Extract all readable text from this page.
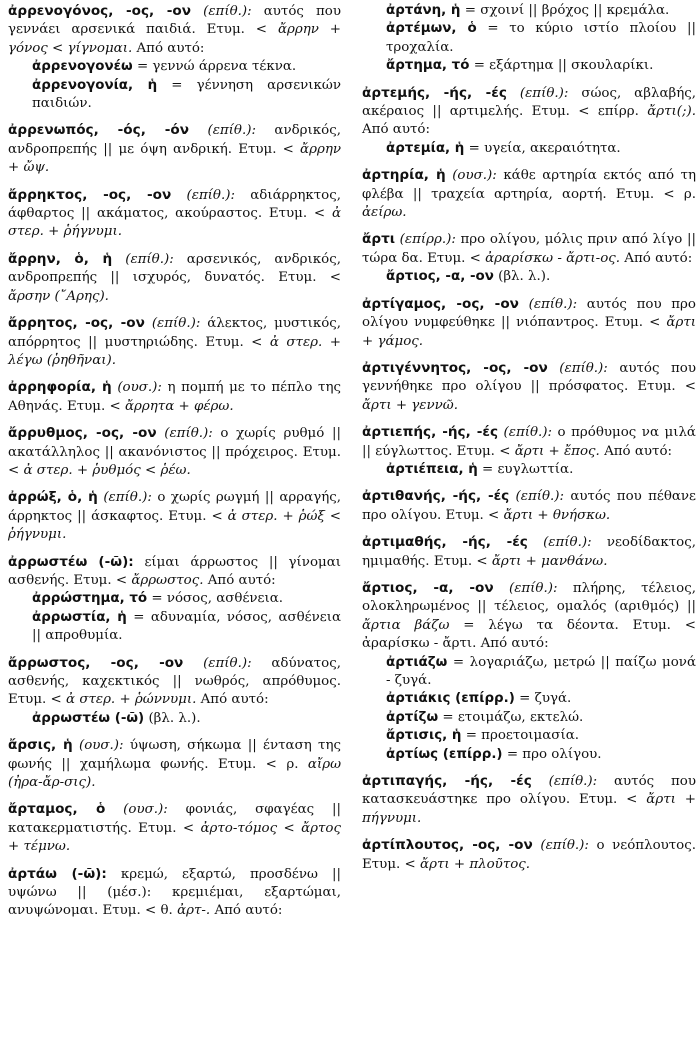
ἀρρενογόνος, -ος, -ον (επίθ.): αυτός που γεννάει αρσενικά παιδιά. Ετυμ. < ἄρρην + γόνος < γίγνομαι. Από αυτό:
ἀρρενογονέω = γεννώ άρρενα τέκνα.
ἀρρενογονία, ἡ = γέννηση αρσενικών παιδιών.
ἀρρενωπός, -ός, -όν (επίθ.): ανδρικός, ανδροπρεπής || με όψη ανδρική. Ετυμ. < ἄρρην + ὤψ.
ἄρρηκτος, -ος, -ον (επίθ.): αδιάρρηκτος, άφθαρτος || ακάματος, ακούραστος. Ετυμ. < ἀ στερ. + ῥήγνυμι.
ἄρρην, ὁ, ἡ (επίθ.): αρσενικός, ανδρικός, ανδροπρεπής || ισχυρός, δυνατός. Ετυμ. < ἄρσην (῎Αρης).
ἄρρητος, -ος, -ον (επίθ.): άλεκτος, μυστικός, απόρρητος || μυστηριώδης. Ετυμ. < ἀ στερ. + λέγω (ῥηθῆναι).
ἀρρηφορία, ἡ (ουσ.): η πομπή με το πέπλο της Αθηνάς. Ετυμ. < ἄρρητα + φέρω.
ἄρρυθμος, -ος, -ον (επίθ.): ο χωρίς ρυθμό || ακατάλληλος || ακανόνιστος || πρόχειρος. Ετυμ. < ἀ στερ. + ῥυθμός < ῥέω.
ἀρρώξ, ὁ, ἡ (επίθ.): ο χωρίς ρωγμή || αρραγής, άρρηκτος || άσκαφτος. Ετυμ. < ἀ στερ. + ῥώξ < ῥήγνυμι.
ἀρρωστέω (-ῶ): είμαι άρρωστος || γίνομαι ασθενής. Ετυμ. < ἄρρωστος. Από αυτό:
ἀρρώστημα, τό = νόσος, ασθένεια.
ἀρρωστία, ἡ = αδυναμία, νόσος, ασθένεια || απροθυμία.
ἄρρωστος, -ος, -ον (επίθ.): αδύνατος, ασθενής, καχεκτικός || νωθρός, απρόθυμος. Ετυμ. < ἀ στερ. + ῥώννυμι. Από αυτό:
ἀρρωστέω (-ῶ) (βλ. λ.).
ἄρσις, ἡ (ουσ.): ύψωση, σήκωμα || ένταση της φωνής || χαμήλωμα φωνής. Ετυμ. < ρ. αἴρω (ἠρα-ἄρ-σις).
ἄρταμος, ὁ (ουσ.): φονιάς, σφαγέας || κατακερματιστής. Ετυμ. < ἀρτο-τόμος < ἄρτος + τέμνω.
ἀρτάω (-ῶ): κρεμώ, εξαρτώ, προσδένω || υψώνω || (μέσ.): κρεμιέμαι, εξαρτώμαι, ανυψώνομαι. Ετυμ. < θ. ἀρτ-. Από αυτό:
ἀρτάνη, ἡ = σχοινί || βρόχος || κρεμάλα.
ἀρτέμων, ὁ = το κύριο ιστίο πλοίου || τροχαλία.
ἄρτημα, τό = εξάρτημα || σκουλαρίκι.
ἀρτεμής, -ής, -ές (επίθ.): σώος, αβλαβής, ακέραιος || αρτιμελής. Ετυμ. < επίρρ. ἄρτι(;). Από αυτό:
ἀρτεμία, ἡ = υγεία, ακεραιότητα.
ἀρτηρία, ἡ (ουσ.): κάθε αρτηρία εκτός από τη φλέβα || τραχεία αρτηρία, αορτή. Ετυμ. < ρ. ἀείρω.
ἄρτι (επίρρ.): προ ολίγου, μόλις πριν από λίγο || τώρα δα. Ετυμ. < ἀραρίσκω - ἄρτι-ος. Από αυτό:
ἄρτιος, -α, -ον (βλ. λ.).
ἀρτίγαμος, -ος, -ον (επίθ.): αυτός που προ ολίγου νυμφεύθηκε || νιόπαντρος. Ετυμ. < ἄρτι + γάμος.
ἀρτιγέννητος, -ος, -ον (επίθ.): αυτός που γεννήθηκε προ ολίγου || πρόσφατος. Ετυμ. < ἄρτι + γεννῶ.
ἀρτιεπής, -ής, -ές (επίθ.): ο πρόθυμος να μιλά || εύγλωττος. Ετυμ. < ἄρτι + ἔπος. Από αυτό:
ἀρτιέπεια, ἡ = ευγλωττία.
ἀρτιθανής, -ής, -ές (επίθ.): αυτός που πέθανε προ ολίγου. Ετυμ. < ἄρτι + θνήσκω.
ἀρτιμαθής, -ής, -ές (επίθ.): νεοδίδακτος, ημιμαθής. Ετυμ. < ἄρτι + μανθάνω.
ἄρτιος, -α, -ον (επίθ.): πλήρης, τέλειος, ολοκληρωμένος || τέλειος, ομαλός (αριθμός) || ἄρτια βάζω = λέγω τα δέοντα. Ετυμ. < ἀραρίσκω - ἄρτι. Από αυτό:
ἀρτιάζω = λογαριάζω, μετρώ || παίζω μονά - ζυγά.
ἀρτιάκις (επίρρ.) = ζυγά.
ἀρτίζω = ετοιμάζω, εκτελώ.
ἄρτισις, ἡ = προετοιμασία.
ἀρτίως (επίρρ.) = προ ολίγου.
ἀρτιπαγής, -ής, -ές (επίθ.): αυτός που κατασκευάστηκε προ ολίγου. Ετυμ. < ἄρτι + πήγνυμι.
ἀρτίπλουτος, -ος, -ον (επίθ.): ο νεόπλουτος. Ετυμ. < ἄρτι + πλοῦτος.
